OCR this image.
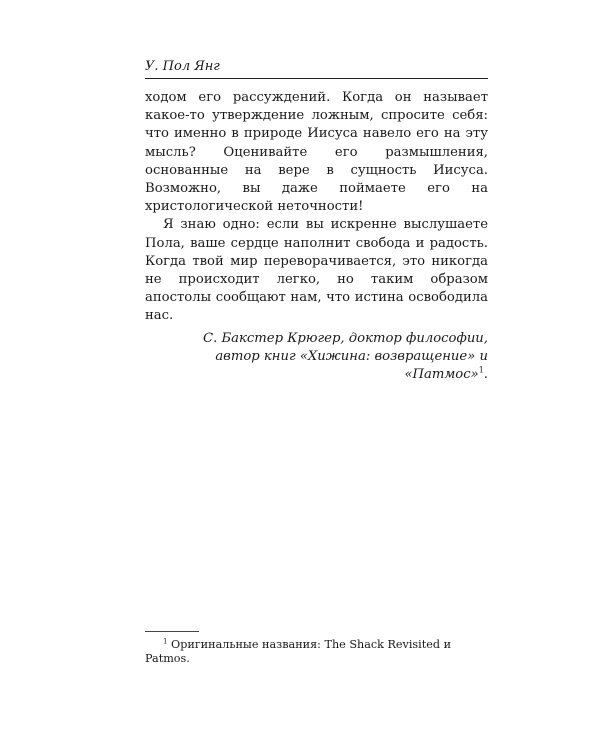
У. Пол Янг

ходом его рассуждений. Когда он называет какое-то утверждение ложным, спросите себя: что именно в природе Иисуса навело его на эту мысль? Оценивайте его размышления, основанные на вере в сущность Иисуса. Возможно, вы даже поймаете его на христологической неточности!

Я знаю одно: если вы искренне выслушаете Пола, ваше сердце наполнит свобода и радость. Когда твой мир переворачивается, это никогда не происходит легко, но таким образом апостолы сообщают нам, что истина освободила нас.

С. Бакстер Крюгер, доктор философии,
автор книг «Хижина: возвращение» и «Патмос»$^1$.
$^1$ Оригинальные названия: The Shack Revisited и Patmos.
